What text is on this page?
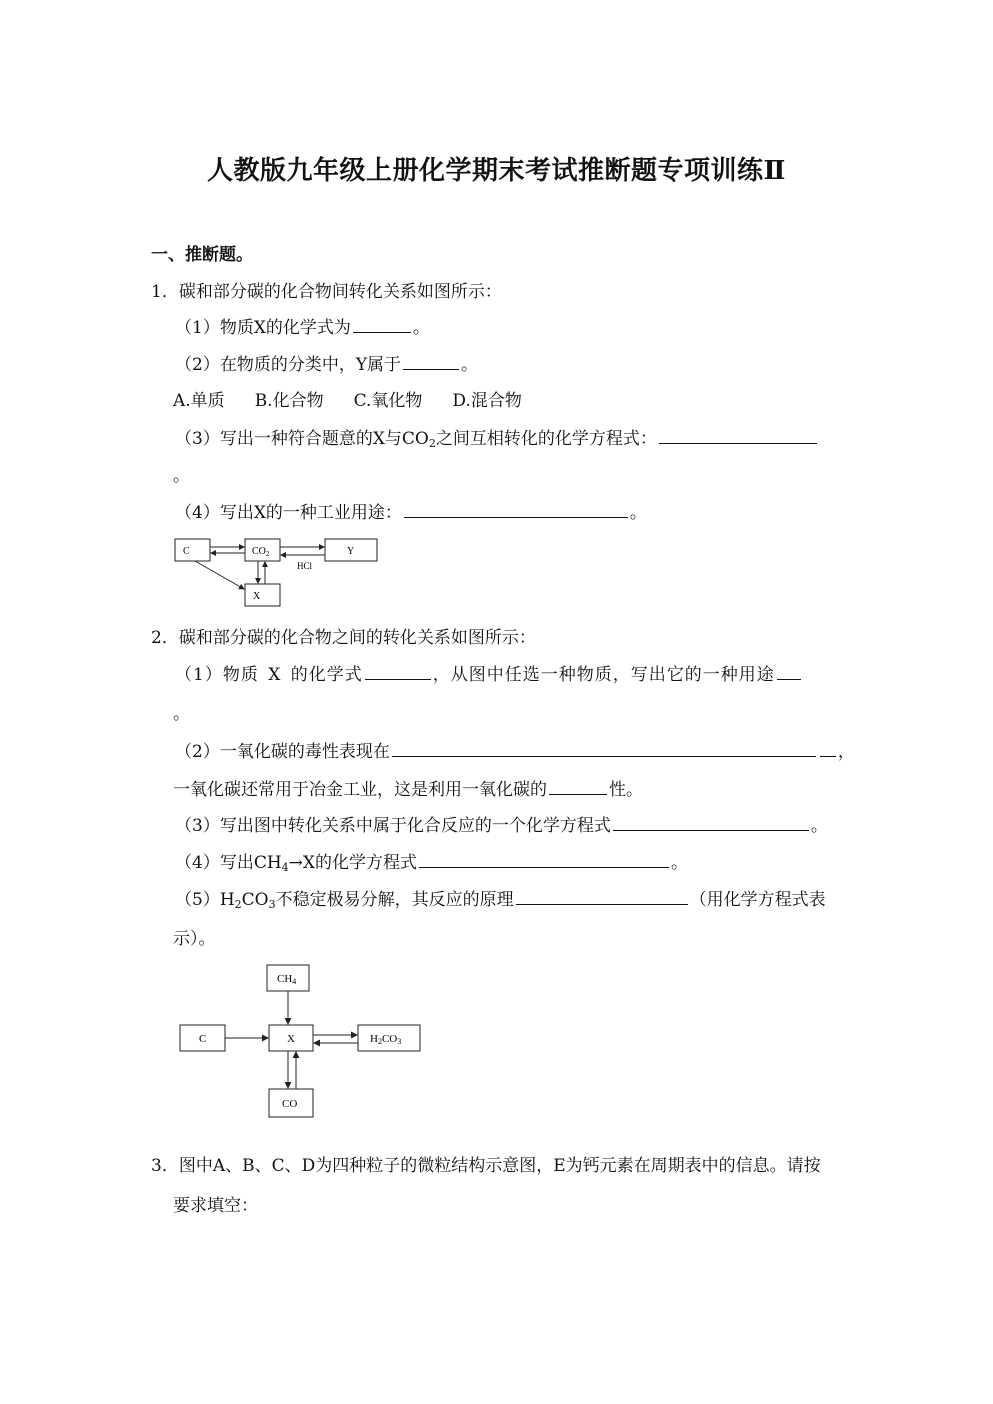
人教版九年级上册化学期末考试推断题专项训练Ⅱ
一、推断题。
1．碳和部分碳的化合物间转化关系如图所示：
（1）物质X的化学式为	。
（2）在物质的分类中，Y属于	。
A.单质 B.化合物 C.氧化物 D.混合物
（3）写出一种符合题意的X与$CO_2$之间互相转化的化学方程式：
。
（4）写出X的一种工业用途：	。
C	$CO_2$	Y
X
HCl
2．碳和部分碳的化合物之间的转化关系如图所示：
（1）物质 X 的化学式	，从图中任选一种物质，写出它的一种用途
。
（2）一氧化碳的毒性表现在	，
一氧化碳还常用于冶金工业，这是利用一氧化碳的	性。
（3）写出图中转化关系中属于化合反应的一个化学方程式	。
（4）写出$CH_4\to X$的化学方程式	。
$(5)H_2CO_3$不稳定极易分解，其反应的原理	（用化学方程式表
示）。
CH4
C	X	H2CO3
CO
3．图中A、B、C、D为四种粒子的微粒结构示意图，E为钙元素在周期表中的信息。请按
要求填空：
